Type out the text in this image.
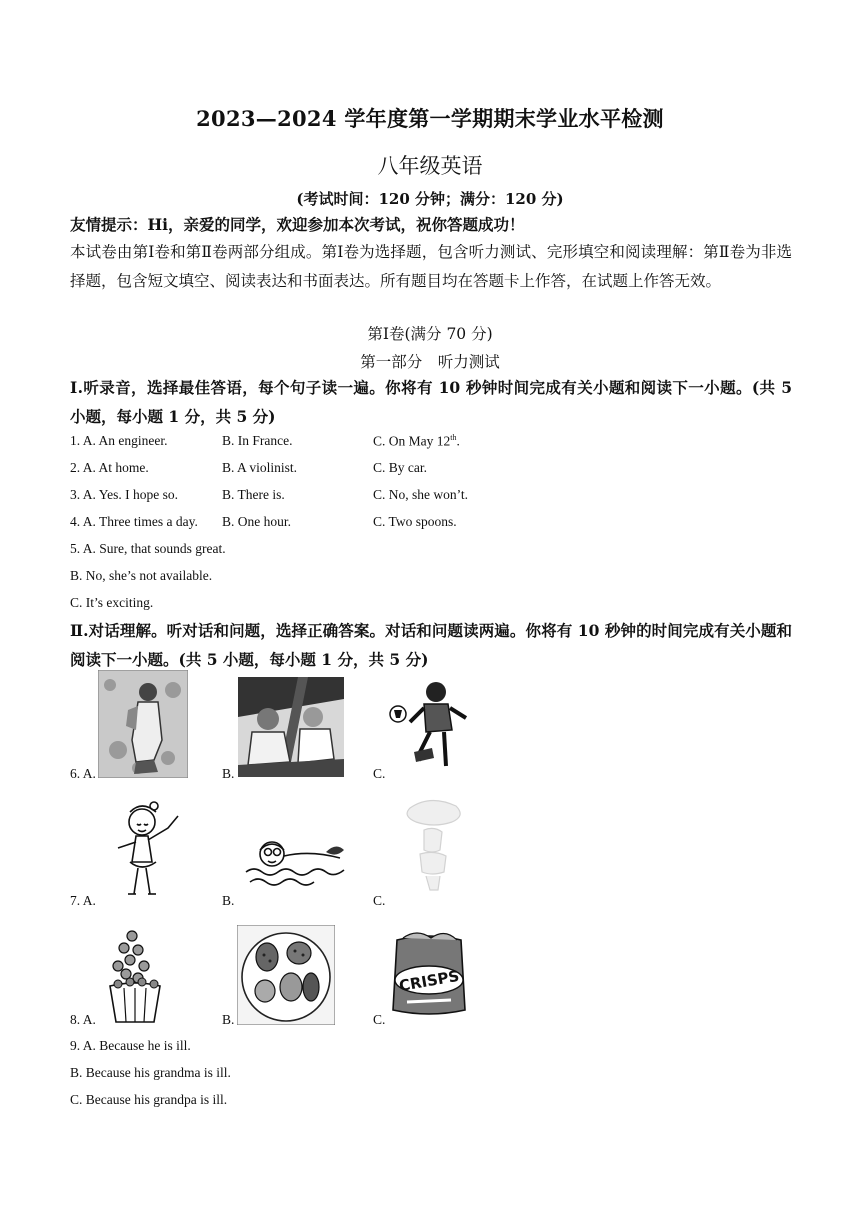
2023—2024 学年度第一学期期末学业水平检测
八年级英语
(考试时间：120 分钟；满分：120 分)
友情提示：Hi，亲爱的同学，欢迎参加本次考试，祝你答题成功！
本试卷由第Ⅰ卷和第Ⅱ卷两部分组成。第Ⅰ卷为选择题，包含听力测试、完形填空和阅读理解：第Ⅱ卷为非选择题，包含短文填空、阅读表达和书面表达。所有题目均在答题卡上作答，在试题上作答无效。
第Ⅰ卷(满分 70 分)
第一部分　听力测试
Ⅰ.听录音，选择最佳答语，每个句子读一遍。你将有 10 秒钟时间完成有关小题和阅读下一小题。(共 5 小题，每小题 1 分，共 5 分)
1. A. An engineer.	B. In France.	C. On May 12th.
2. A. At home.	B. A violinist.	C. By car.
3. A. Yes. I hope so.	B. There is.	C. No, she won’t.
4. A. Three times a day. B. One hour.	C. Two spoons.
5. A. Sure, that sounds great.
B. No, she’s not available.
C. It’s exciting.
Ⅱ.对话理解。听对话和问题，选择正确答案。对话和问题读两遍。你将有 10 秒钟的时间完成有关小题和阅读下一小题。(共 5 小题，每小题 1 分，共 5 分)
6. A.	B.	C.
7. A.	B.	C.
CRISPS
8. A.	B.	C.
9. A. Because he is ill.
B. Because his grandma is ill.
C. Because his grandpa is ill.
